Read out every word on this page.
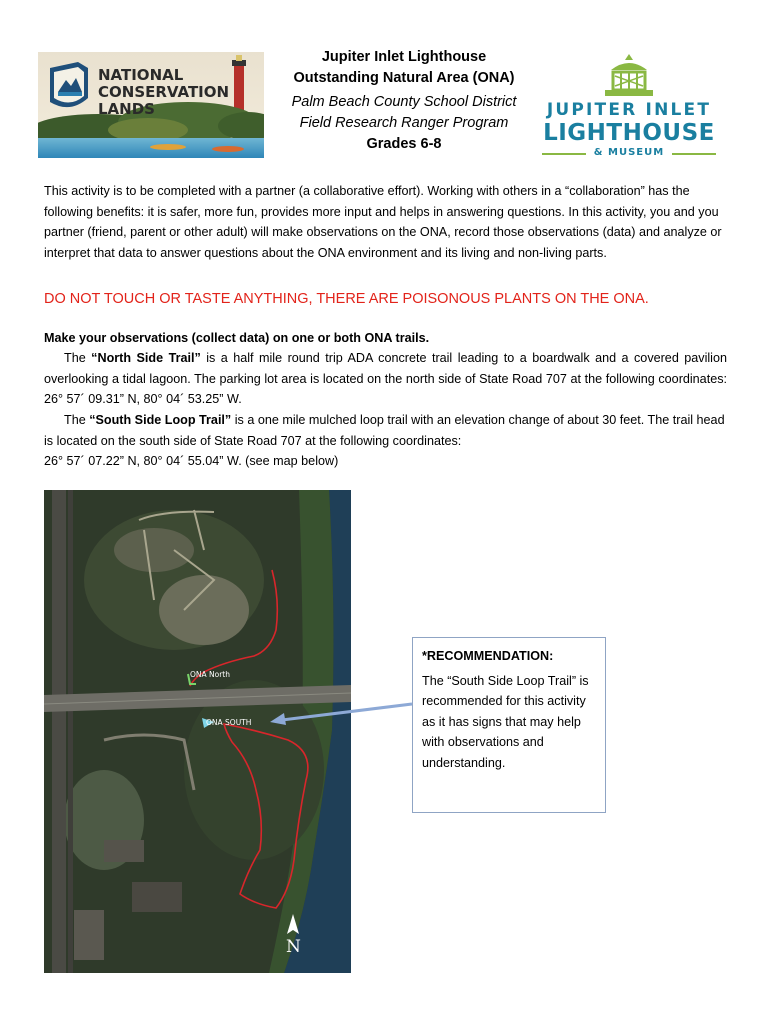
NATIONAL
CONSERVATION
LANDS
Jupiter Inlet Lighthouse
Outstanding Natural Area (ONA)
Palm Beach County School District
Field Research Ranger Program
Grades 6-8
JUPITER INLET
LIGHTHOUSE
& MUSEUM
This activity is to be completed with a partner (a collaborative effort). Working with others in a “collaboration” has the following benefits: it is safer, more fun, provides more input and helps in answering questions. In this activity, you and you partner (friend, parent or other adult) will make observations on the ONA, record those observations (data) and analyze or interpret that data to answer questions about the ONA environment and its living and non-living parts.
DO NOT TOUCH OR TASTE ANYTHING, THERE ARE POISONOUS PLANTS ON THE ONA.
Make your observations (collect data) on one or both ONA trails.
The “North Side Trail” is a half mile round trip ADA concrete trail leading to a boardwalk and a covered pavilion overlooking a tidal lagoon. The parking lot area is located on the north side of State Road 707 at the following coordinates: 26° 57´ 09.31” N, 80° 04´ 53.25” W.
The “South Side Loop Trail” is a one mile mulched loop trail with an elevation change of about 30 feet. The trail head is located on the south side of State Road 707 at the following coordinates:
26° 57´ 07.22” N, 80° 04´ 55.04” W. (see map below)
ONA North
ONA SOUTH
N
*RECOMMENDATION:
The “South Side Loop Trail” is recommended for this activity as it has signs that may help with observations and understanding.
